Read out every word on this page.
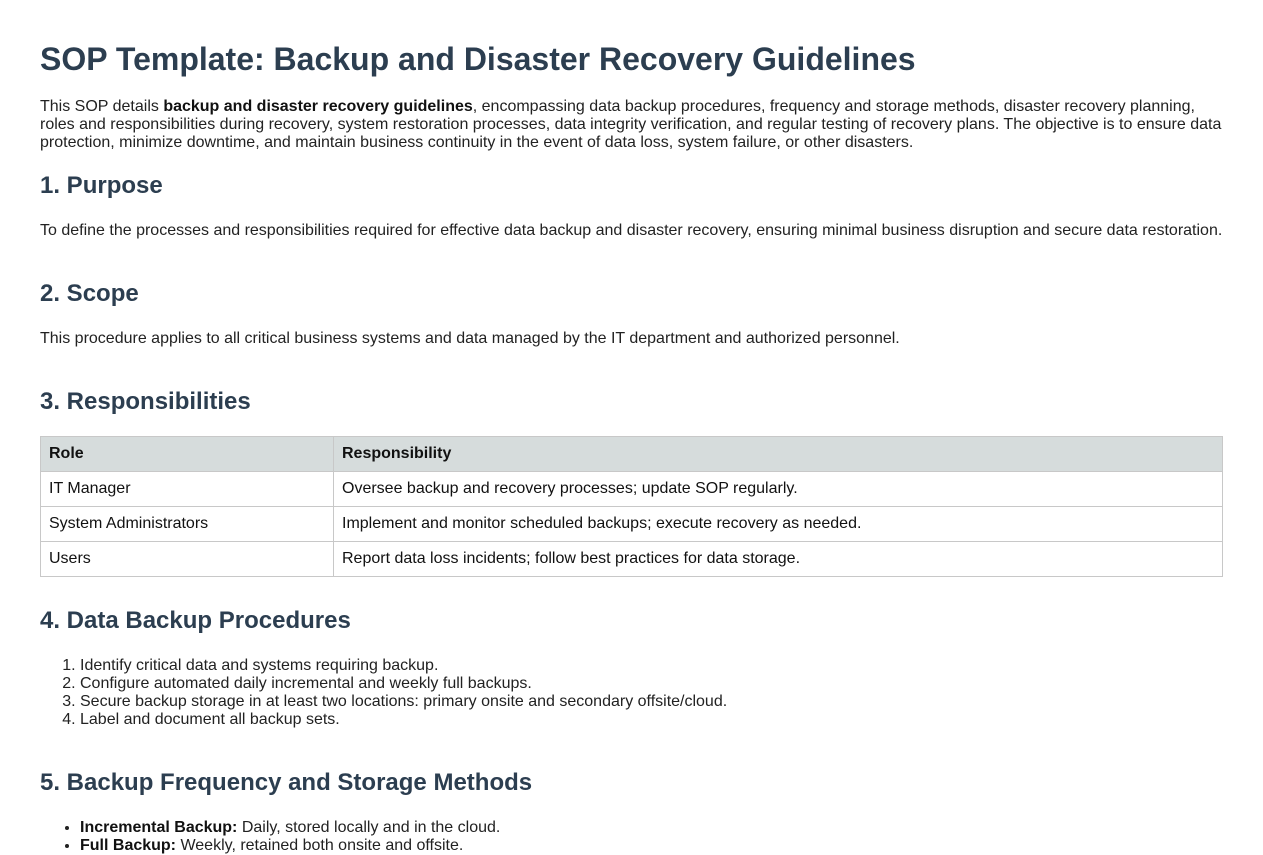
SOP Template: Backup and Disaster Recovery Guidelines

This SOP details backup and disaster recovery guidelines, encompassing data backup procedures, frequency and storage methods, disaster recovery planning, roles and responsibilities during recovery, system restoration processes, data integrity verification, and regular testing of recovery plans. The objective is to ensure data protection, minimize downtime, and maintain business continuity in the event of data loss, system failure, or other disasters.

1. Purpose

To define the processes and responsibilities required for effective data backup and disaster recovery, ensuring minimal business disruption and secure data restoration.

2. Scope

This procedure applies to all critical business systems and data managed by the IT department and authorized personnel.

3. Responsibilities
Role	Responsibility
IT Manager	Oversee backup and recovery processes; update SOP regularly.
System Administrators	Implement and monitor scheduled backups; execute recovery as needed.
Users	Report data loss incidents; follow best practices for data storage.
4. Data Backup Procedures
1. Identify critical data and systems requiring backup.
2. Configure automated daily incremental and weekly full backups.
3. Secure backup storage in at least two locations: primary onsite and secondary offsite/cloud.
4. Label and document all backup sets.
5. Backup Frequency and Storage Methods
• Incremental Backup: Daily, stored locally and in the cloud.
• Full Backup: Weekly, retained both onsite and offsite.
